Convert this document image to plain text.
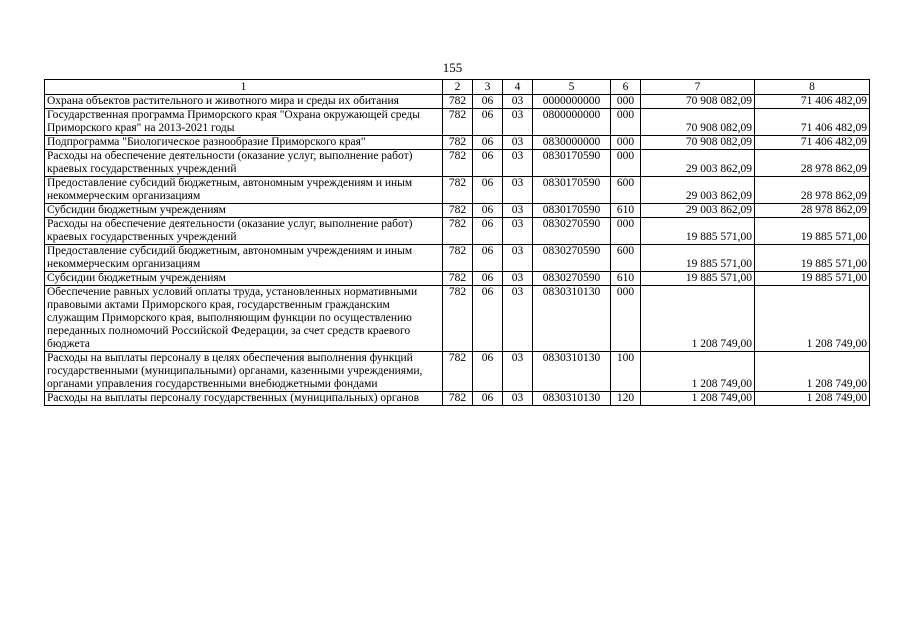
155
1	2	3	4	5	6	7	8
Охрана объектов растительного и животного мира и среды их обитания	782	06	03	0000000000	000	70 908 082,09	71 406 482,09
Государственная программа Приморского края "Охрана окружающей среды Приморского края" на 2013-2021 годы	782	06	03	0800000000	000	70 908 082,09	71 406 482,09
Подпрограмма "Биологическое разнообразие Приморского края"	782	06	03	0830000000	000	70 908 082,09	71 406 482,09
Расходы на обеспечение деятельности (оказание услуг, выполнение работ) краевых государственных учреждений	782	06	03	0830170590	000	29 003 862,09	28 978 862,09
Предоставление субсидий бюджетным, автономным учреждениям и иным некоммерческим организациям	782	06	03	0830170590	600	29 003 862,09	28 978 862,09
Субсидии бюджетным учреждениям	782	06	03	0830170590	610	29 003 862,09	28 978 862,09
Расходы на обеспечение деятельности (оказание услуг, выполнение работ) краевых государственных учреждений	782	06	03	0830270590	000	19 885 571,00	19 885 571,00
Предоставление субсидий бюджетным, автономным учреждениям и иным некоммерческим организациям	782	06	03	0830270590	600	19 885 571,00	19 885 571,00
Субсидии бюджетным учреждениям	782	06	03	0830270590	610	19 885 571,00	19 885 571,00
Обеспечение равных условий оплаты труда, установленных нормативными правовыми актами Приморского края, государственным гражданским служащим Приморского края, выполняющим функции по осуществлению переданных полномочий Российской Федерации, за счет средств краевого бюджета	782	06	03	0830310130	000	1 208 749,00	1 208 749,00
Расходы на выплаты персоналу в целях обеспечения выполнения функций государственными (муниципальными) органами, казенными учреждениями, органами управления государственными внебюджетными фондами	782	06	03	0830310130	100	1 208 749,00	1 208 749,00
Расходы на выплаты персоналу государственных (муниципальных) органов	782	06	03	0830310130	120	1 208 749,00	1 208 749,00
